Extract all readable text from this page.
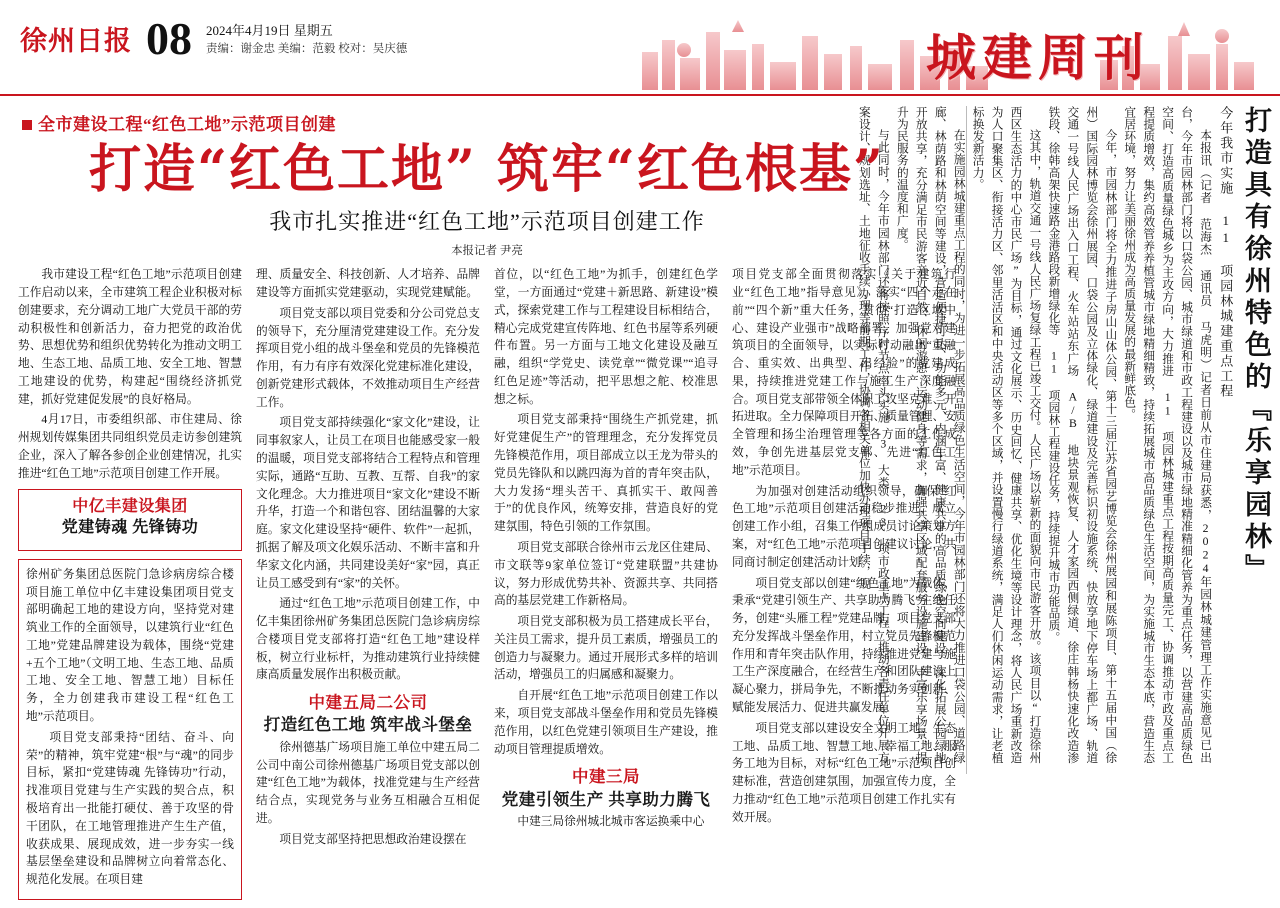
徐州日报 08 2024年4月19日 星期五
责编：谢金忠 美编：范毅 校对：吴庆德	城建周刊
全市建设工程“红色工地”示范项目创建
打造“红色工地” 筑牢“红色根基”
我市扎实推进“红色工地”示范项目创建工作
本报记者 尹亮

我市建设工程“红色工地”示范项目创建工作启动以来，全市建筑工程企业积极对标创建要求，充分调动工地广大党员干部的劳动积极性和创新活力，奋力把党的政治优势、思想优势和组织优势转化为推动文明工地、生态工地、品质工地、安全工地、智慧工地建设的优势，构建起“围绕经济抓党建，抓好党建促发展”的良好格局。

4月17日，市委组织部、市住建局、徐州规划传媒集团共同组织党员走访参创建筑企业，深入了解各参创企业创建情况，扎实推进“红色工地”示范项目创建工作开展。

中亿丰建设集团
党建铸魂 先锋铸功

徐州矿务集团总医院门急诊病房综合楼项目施工单位中亿丰建设集团项目党支部明确起工地的建设方向，坚持党对建筑业工作的全面领导，以建筑行业“红色工地”党建品牌建设为载体，围绕“党建+五个工地”（文明工地、生态工地、品质工地、安全工地、智慧工地）目标任务，全力创建我市建设工程“红色工地”示范项目。

项目党支部秉持“团结、奋斗、向荣”的精神，筑牢党建“根”与“魂”的同步目标，紧扣“党建铸魂 先锋铸功”行动，找准项目党建与生产实践的契合点，积极培育出一批能打硬仗、善于攻坚的骨干团队，在工地管理推进产生生产值，收获成果、展现成效，进一步夯实一线基层堡垒建设和品牌树立向着常态化、规范化发展。在项目建

理、质量安全、科技创新、人才培养、品牌建设等方面抓实党建驱动，实现党建赋能。

项目党支部以项目党委和分公司党总支的领导下，充分厘清党建建设工作。充分发挥项目党小组的战斗堡垒和党员的先锋模范作用，有力有序有效深化党建标准化建设，创新党建形式载体，不效推动项目生产经营工作。

项目党支部持续强化“家文化”建设，让同事叙家人，让员工在项目也能感受家一般的温暖，项目党支部将结合工程特点和管理实际，通路“互助、互教、互帮、自我”的家文化理念。大力推进项目“家文化”建设不断升华，打造一个和谐包容、团结温馨的大家庭。家文化建设坚持“硬件、软件”一起抓，抓据了解及项文化娱乐活动、不断丰富和升华家文化内涵，共同建设美好“家”园，真正让员工感受到有“家”的关怀。

通过“红色工地”示范项目创建工作，中亿丰集团徐州矿务集团总医院门急诊病房综合楼项目党支部将打造“红色工地”建设样板，树立行业标杆，为推动建筑行业持续健康高质量发展作出积极贡献。

中建五局二公司
打造红色工地 筑牢战斗堡垒

徐州德基广场项目施工单位中建五局二公司中南公司徐州德基广场项目党支部以创建“红色工地”为载体，找准党建与生产经营结合点，实现党务与业务互相融合互相促进。

项目党支部坚持把思想政治建设摆在

首位，以“红色工地”为抓手，创建红色学堂，一方面通过“党建＋新思路、新建设”模式，探索党建工作与工程建设目标相结合，精心完成党建宣传阵地、红色书屋等系列硬件布置。另一方面与工地文化建设及融互融，组织“学党史、读党章”“微党课”“追寻红色足迹”等活动，把平思想之舵、校准思想之标。

项目党支部秉持“围绕生产抓党建，抓好党建促生产”的管理理念，充分发挥党员先锋模范作用，项目部成立以王龙为带头的党员先锋队和以跳四海为首的青年突击队，大力发扬“埋头苦干、真抓实干、敢闯善于”的优良作风，统筹安排，营造良好的党建氛围，特色引领的工作氛围。

项目党支部联合徐州市云龙区住建局、市文联等9家单位签订“党建联盟”共建协议，努力形成优势共补、资源共享、共同搭高的基层党建工作新格局。

项目党支部积极为员工搭建成长平台，关注员工需求，提升员工素质，增强员工的创造力与凝聚力。通过开展形式多样的培训活动，增强员工的归属感和凝聚力。

自开展“红色工地”示范项目创建工作以来，项目党支部战斗堡垒作用和党员先锋模范作用，以红色党建引领项目生产建设，推动项目管理提质增效。

中建三局
党建引领生产 共享助力腾飞

中建三局徐州城北城市客运换乘中心

项目党支部全面贯彻落实《关于建筑行业“红色工地”指导意见》，落实“四个走在前”“四个新”重大任务，贯彻“打造区域中心、建设产业强市”战略部署，加强党对建筑项目的全面领导，以实际行动融出“重融合、重实效、出典型、出经验”的党建成果，持续推进党建工作与施工生产深度融合。项目党支部带领全体职工攻坚克难、开拓进取。全力保障项目开拓、质量管理、安全管理和扬尘治理管理等各方面的工作成效，争创先进基层党支部、先进“红色工地”示范项目。

为加强对创建活动组织领导，确保“红色工地”示范项目创建活动稳步推进，成立创建工作小组，召集工作组成员讨论策划方案，对“红色工地”示范项目创建议讨论，共同商讨制定创建活动计划。

项目党支部以创建“红色工地”为载体，秉承“党建引领生产、共享助力腾飞”主线任务，创建“头雁工程”党建品牌，项目党支部充分发挥战斗堡垒作用，村立党员先锋模范作用和青年突击队作用，持续推进党建与施工生产深度融合，在经营生产和团队建设上凝心聚力，拼局争先，不断推动务实创新、赋能发展活力、促进共赢发展。

项目党支部以建设安全文明工地、生态工地、品质工地、智慧工地、幸福工地、服务工地为目标，对标“红色工地”示范项目创建标准，营造创建氛围，加强宣传力度，全力推动“红色工地”示范项目创建工作扎实有效开展。

打造具有徐州特色的『乐享园林』
今年我市实施 11 项园林城建重点工程

本报讯（记者 范海杰 通讯员 马虎明）记者日前从市住建局获悉，2024年园林城建管理工作实施意见已出台，今年市园林部门将以口袋公园、城市绿道和市政工程建设以及城市绿地精准精细化管养为重点任务，以营建高品质绿色空间、打造高质量绿色城乡为主攻方向，大力推进 11 项园林城建重点工程按期高质量完工、协调推动市政及重点工程提质增效，集约高效管养养植管城市绿地精细精致，持续拓展城市高品质绿色生活空间，为实施城市生态本底，营造生态宜居环境，努力让美丽徐州成为高质量发展的最新鲜底色。

今年，市园林部门将全力推进子房山山体公园、第十三届江苏省园艺博览会徐州展园和展陈项目、第十五届中国（徐州）国际园林博览会徐州展园、口袋公园及立体绿化、绿道建设及完善标识初设施系统、快放享地下停车场上都广场、轨道交通一号线人民广场出入口工程、火车站站东广场 A/B 地块景观恢复、人才家园西侧绿道、徐庄韩杨快速化改造渗铁段、徐韩高架快速路金港路段新增绿化等 11 项园林工程建设任务，持续提升城市功能品质。

这其中，轨道交通一号线人民广场复绿工程已竣工交付。人民广场以崭新的面貌向市民游客开放。该项目以“打造徐州西区生态活力的中心市民广场”为目标，通过文化展示、历史回忆、健康共享、优化生境等设计理念，将人民广场重新改造为人口聚集区、衔接活力区、邻里活活区和中央活动区等多个区域，并设置慢行绿道系统，满足人们休闲运动需求，让老植标换发新活力。

在实施园林城建重点工程的同时，为进一步拓展高品质绿色生活空间，今年市园林部门还将大力推进口袋公园、道路绿廊、林荫路和林荫空间等建设，营造便捷可达、功能多元、内涵丰富、健康共享的高品质绿色空间建设。深化拓展公园绿地开放共享，充分满足市民游客亲近自然、休闲游憩、运动健身等需求，加强共享区域配套服务设施建设，丰富乐享场景，提升为民服务的温度和广度。

与此同时，今年市园林部门还将按照序时节点率头实施 3 大类 23 项市政重点工程，推动各责任单位开展方案设计、规划选址、土地征收手续办理等前期工作，协调各相关单位加快办理项目手续，规
